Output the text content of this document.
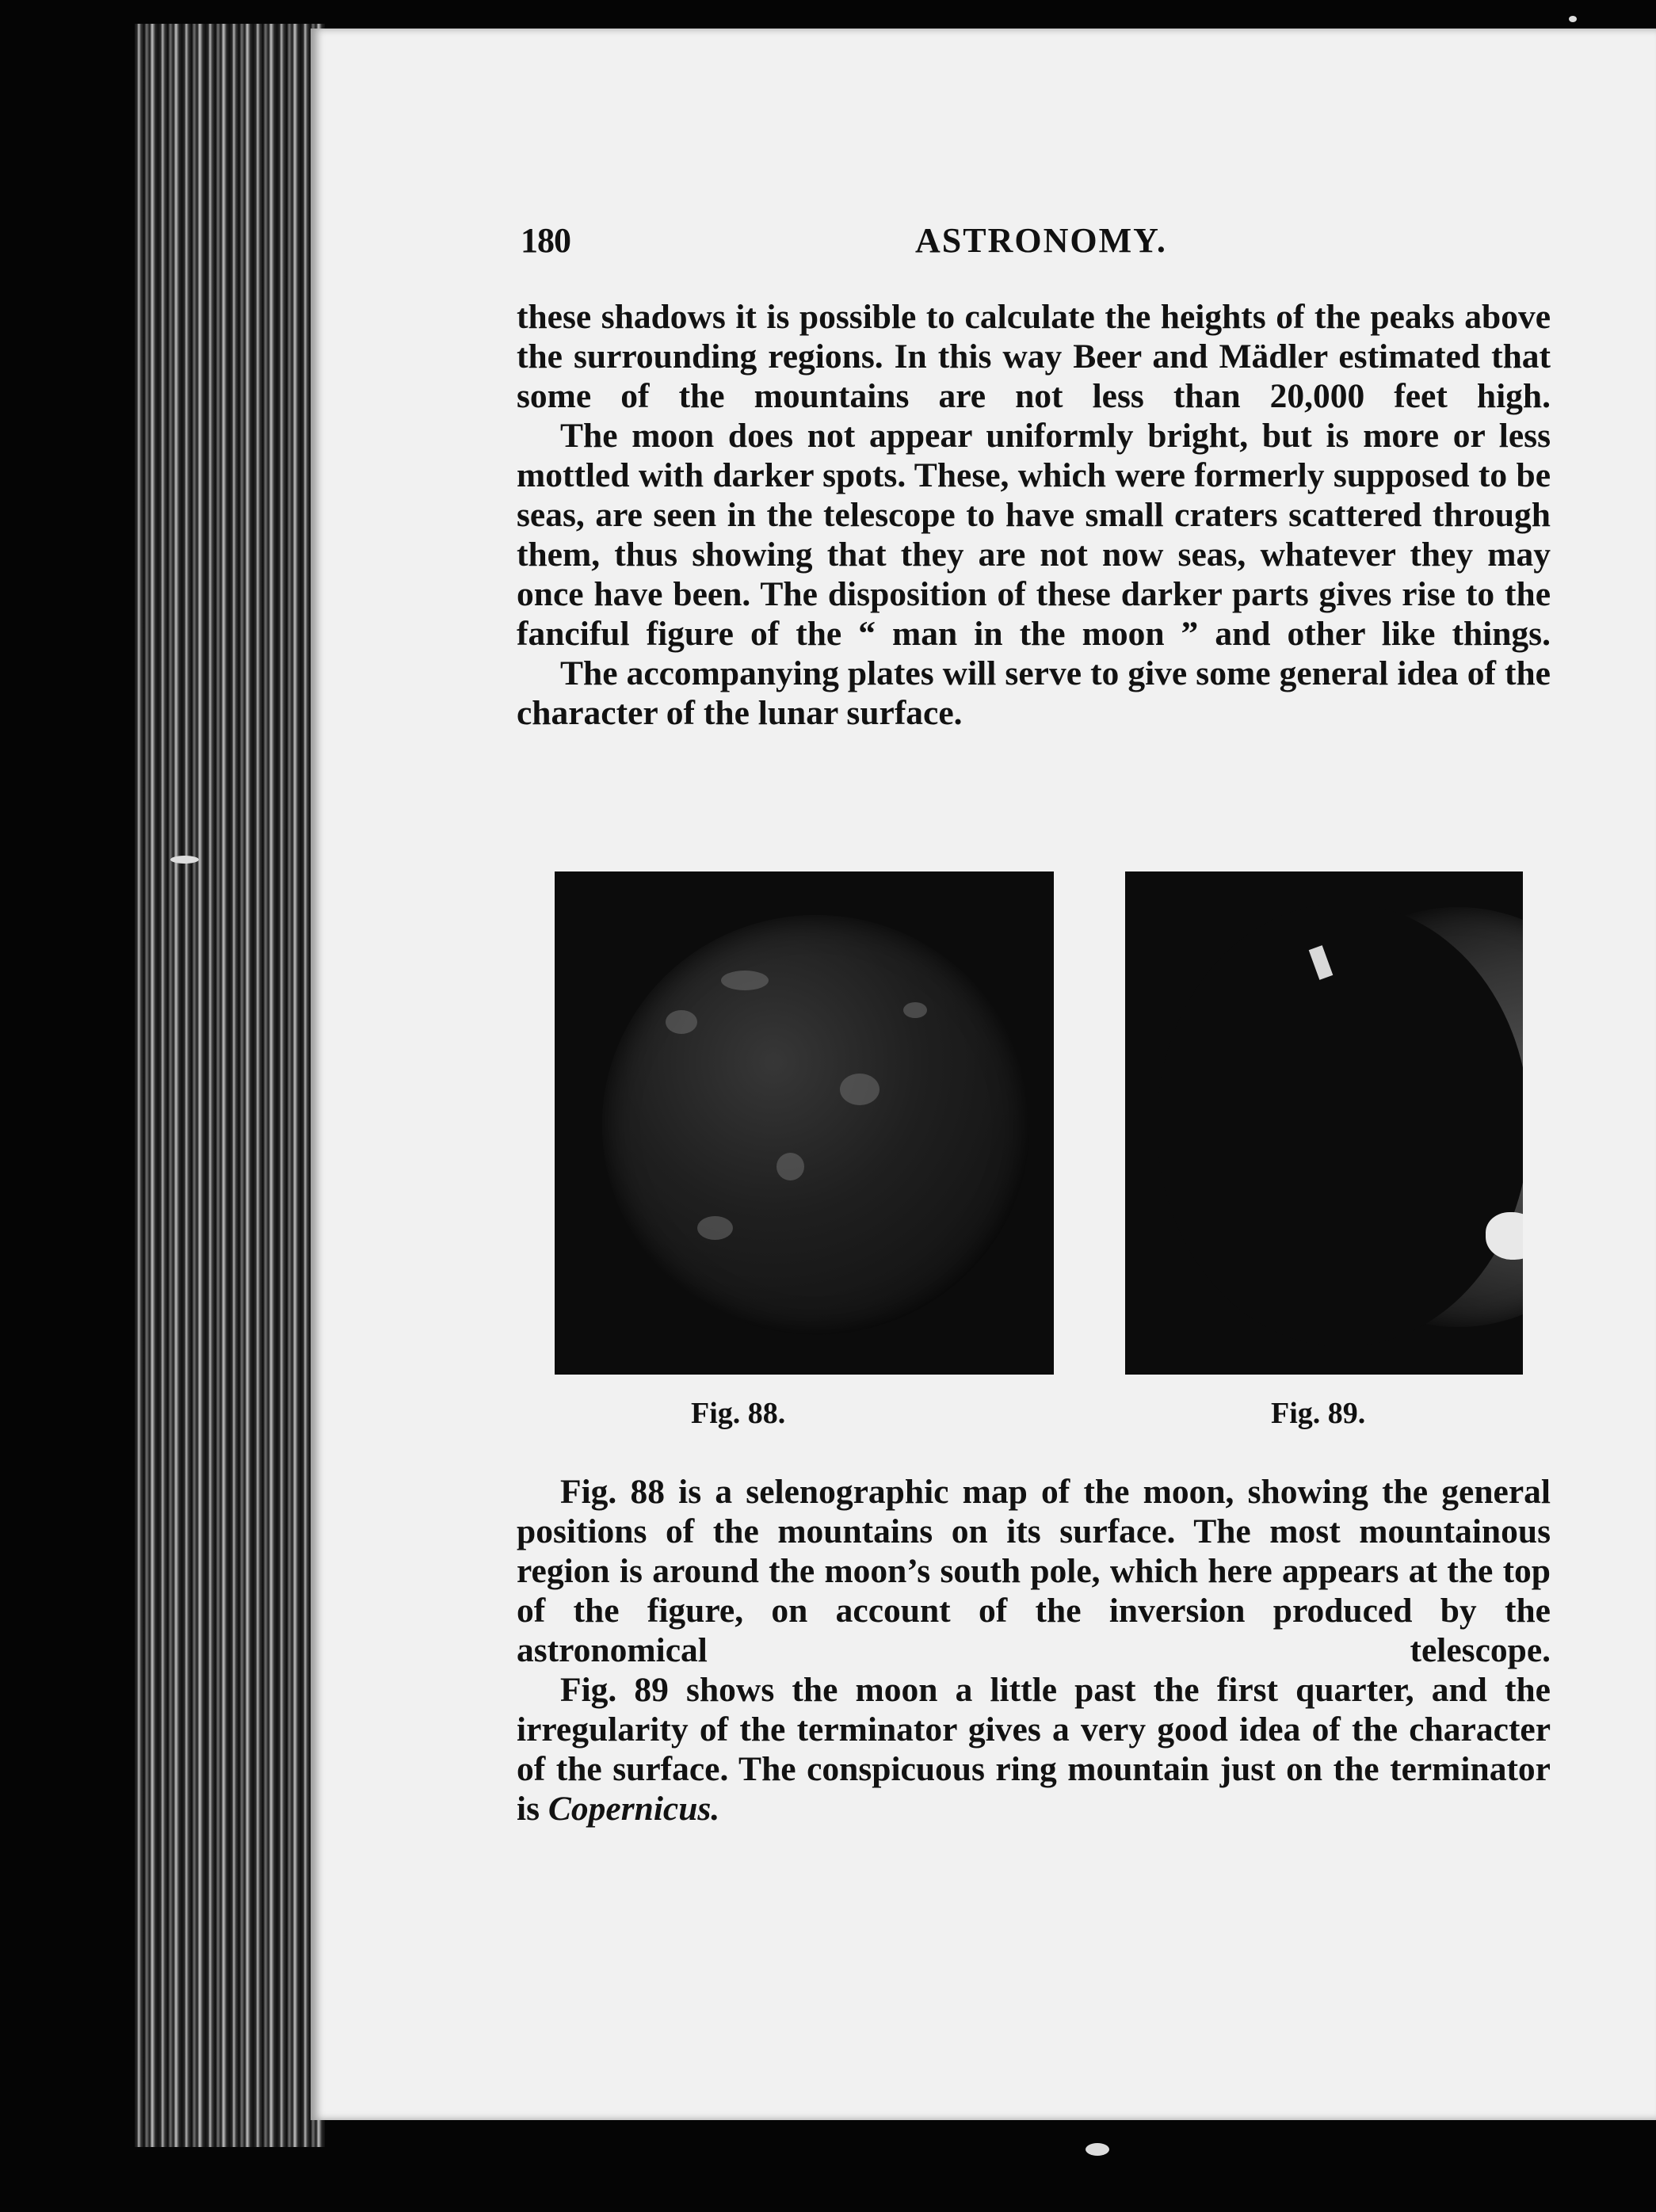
180	ASTRONOMY.

these shadows it is possible to calculate the heights of the peaks above the surrounding regions. In this way Beer and Mädler estimated that some of the mountains are not less than 20,000 feet high.

The moon does not appear uniformly bright, but is more or less mottled with darker spots. These, which were formerly supposed to be seas, are seen in the telescope to have small craters scattered through them, thus showing that they are not now seas, whatever they may once have been. The disposition of these darker parts gives rise to the fanciful figure of the “ man in the moon ” and other like things.

The accompanying plates will serve to give some general idea of the character of the lunar surface.

Fig. 88.	Fig. 89.

Fig. 88 is a selenographic map of the moon, showing the general positions of the mountains on its surface. The most mountainous region is around the moon’s south pole, which here appears at the top of the figure, on account of the inversion produced by the astronomical telescope.

Fig. 89 shows the moon a little past the first quarter, and the irregularity of the terminator gives a very good idea of the character of the surface. The conspicuous ring mountain just on the terminator is Copernicus.
